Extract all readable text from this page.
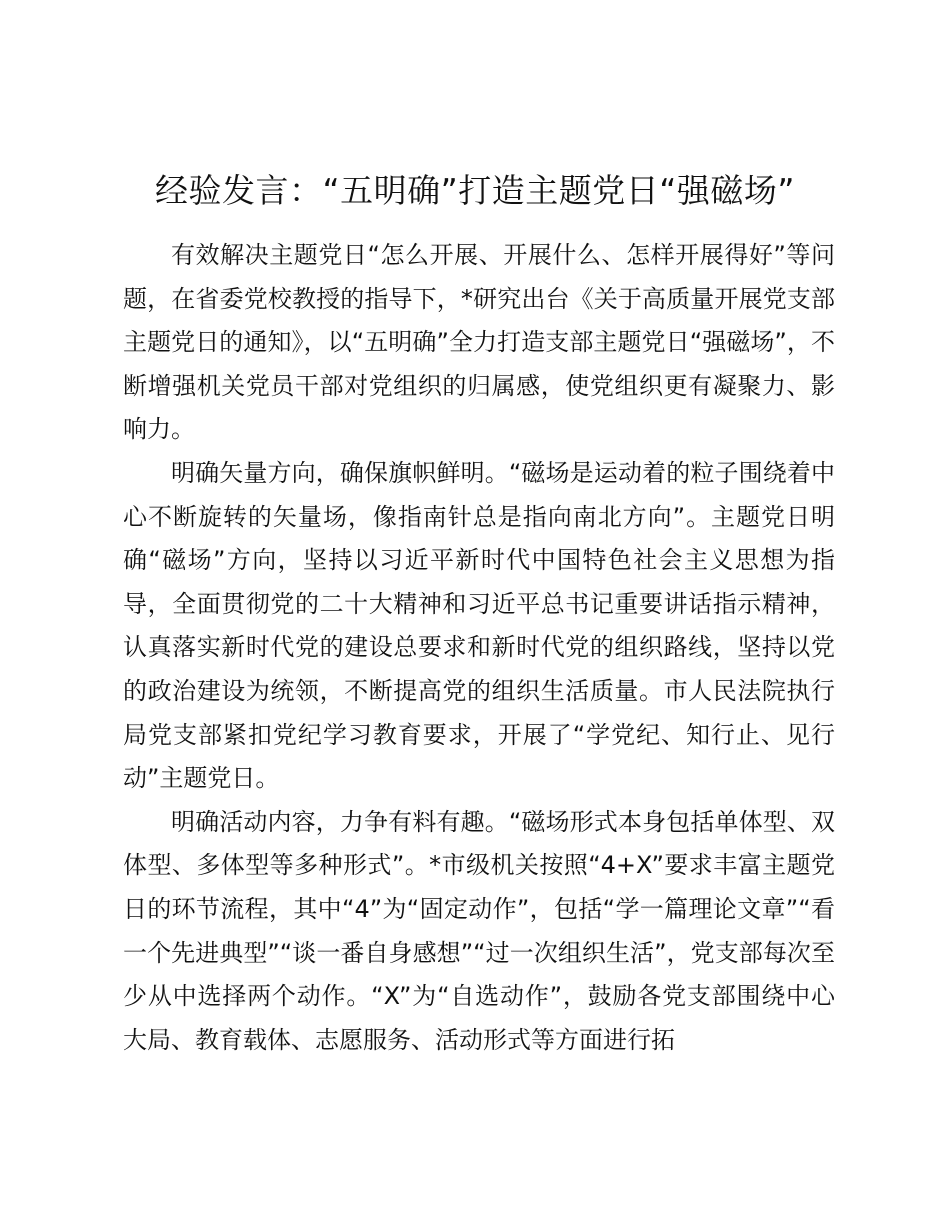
经验发言：“五明确”打造主题党日“强磁场”

有效解决主题党日“怎么开展、开展什么、怎样开展得好”等问题，在省委党校教授的指导下，*研究出台《关于高质量开展党支部主题党日的通知》，以“五明确”全力打造支部主题党日“强磁场”，不断增强机关党员干部对党组织的归属感，使党组织更有凝聚力、影响力。

明确矢量方向，确保旗帜鲜明。“磁场是运动着的粒子围绕着中心不断旋转的矢量场，像指南针总是指向南北方向”。主题党日明确“磁场”方向，坚持以习近平新时代中国特色社会主义思想为指导，全面贯彻党的二十大精神和习近平总书记重要讲话指示精神，认真落实新时代党的建设总要求和新时代党的组织路线，坚持以党的政治建设为统领，不断提高党的组织生活质量。市人民法院执行局党支部紧扣党纪学习教育要求，开展了“学党纪、知行止、见行动”主题党日。

明确活动内容，力争有料有趣。“磁场形式本身包括单体型、双体型、多体型等多种形式”。*市级机关按照“4+X”要求丰富主题党日的环节流程，其中“4”为“固定动作”，包括“学一篇理论文章”“看一个先进典型”“谈一番自身感想”“过一次组织生活”，党支部每次至少从中选择两个动作。“X”为“自选动作”，鼓励各党支部围绕中心大局、教育载体、志愿服务、活动形式等方面进行拓
